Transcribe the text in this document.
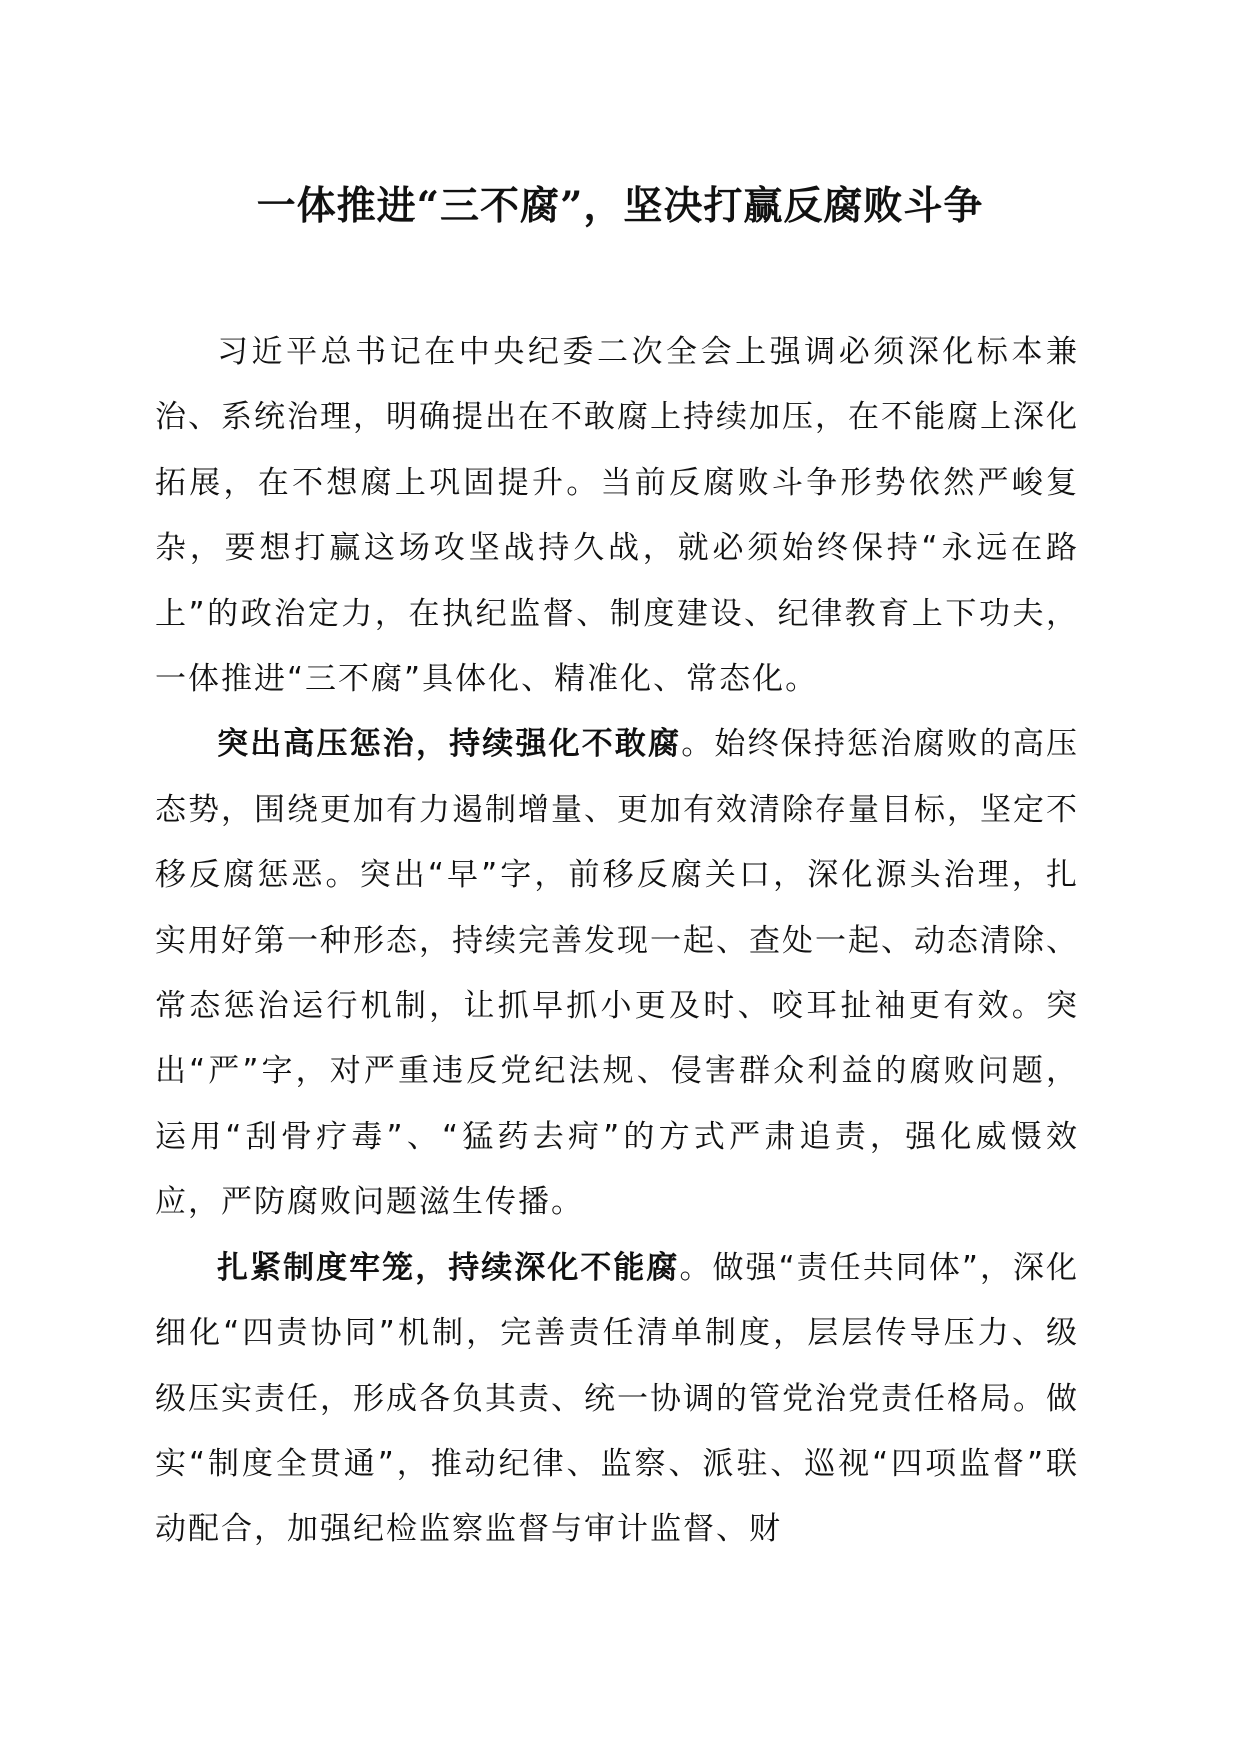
一体推进“三不腐”，坚决打赢反腐败斗争

习近平总书记在中央纪委二次全会上强调必须深化标本兼治、系统治理，明确提出在不敢腐上持续加压，在不能腐上深化拓展，在不想腐上巩固提升。当前反腐败斗争形势依然严峻复杂，要想打赢这场攻坚战持久战，就必须始终保持“永远在路上”的政治定力，在执纪监督、制度建设、纪律教育上下功夫，一体推进“三不腐”具体化、精准化、常态化。

突出高压惩治，持续强化不敢腐。始终保持惩治腐败的高压态势，围绕更加有力遏制增量、更加有效清除存量目标，坚定不移反腐惩恶。突出“早”字，前移反腐关口，深化源头治理，扎实用好第一种形态，持续完善发现一起、查处一起、动态清除、常态惩治运行机制，让抓早抓小更及时、咬耳扯袖更有效。突出“严”字，对严重违反党纪法规、侵害群众利益的腐败问题，运用“刮骨疗毒”、“猛药去疴”的方式严肃追责，强化威慑效应，严防腐败问题滋生传播。

扎紧制度牢笼，持续深化不能腐。做强“责任共同体”，深化细化“四责协同”机制，完善责任清单制度，层层传导压力、级级压实责任，形成各负其责、统一协调的管党治党责任格局。做实“制度全贯通”，推动纪律、监察、派驻、巡视“四项监督”联动配合，加强纪检监察监督与审计监督、财
